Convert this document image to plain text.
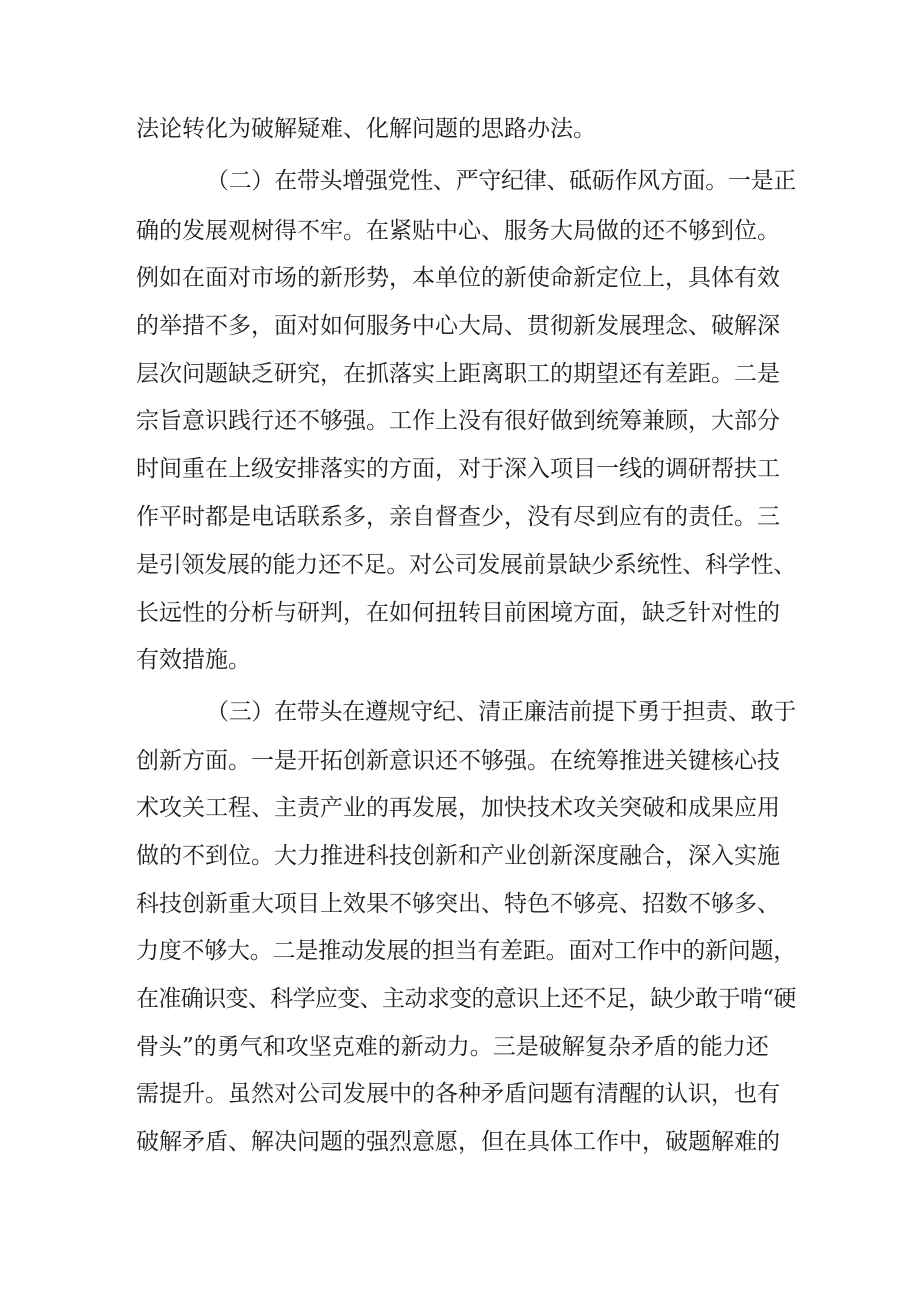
法论转化为破解疑难、化解问题的思路办法。

（二）在带头增强党性、严守纪律、砥砺作风方面。一是正

确的发展观树得不牢。在紧贴中心、服务大局做的还不够到位。

例如在面对市场的新形势，本单位的新使命新定位上，具体有效

的举措不多，面对如何服务中心大局、贯彻新发展理念、破解深

层次问题缺乏研究，在抓落实上距离职工的期望还有差距。二是

宗旨意识践行还不够强。工作上没有很好做到统筹兼顾，大部分

时间重在上级安排落实的方面，对于深入项目一线的调研帮扶工

作平时都是电话联系多，亲自督查少，没有尽到应有的责任。三

是引领发展的能力还不足。对公司发展前景缺少系统性、科学性、

长远性的分析与研判，在如何扭转目前困境方面，缺乏针对性的

有效措施。

（三）在带头在遵规守纪、清正廉洁前提下勇于担责、敢于

创新方面。一是开拓创新意识还不够强。在统筹推进关键核心技

术攻关工程、主责产业的再发展，加快技术攻关突破和成果应用

做的不到位。大力推进科技创新和产业创新深度融合，深入实施

科技创新重大项目上效果不够突出、特色不够亮、招数不够多、

力度不够大。二是推动发展的担当有差距。面对工作中的新问题，

在准确识变、科学应变、主动求变的意识上还不足，缺少敢于啃“硬

骨头”的勇气和攻坚克难的新动力。三是破解复杂矛盾的能力还

需提升。虽然对公司发展中的各种矛盾问题有清醒的认识，也有

破解矛盾、解决问题的强烈意愿，但在具体工作中，破题解难的
